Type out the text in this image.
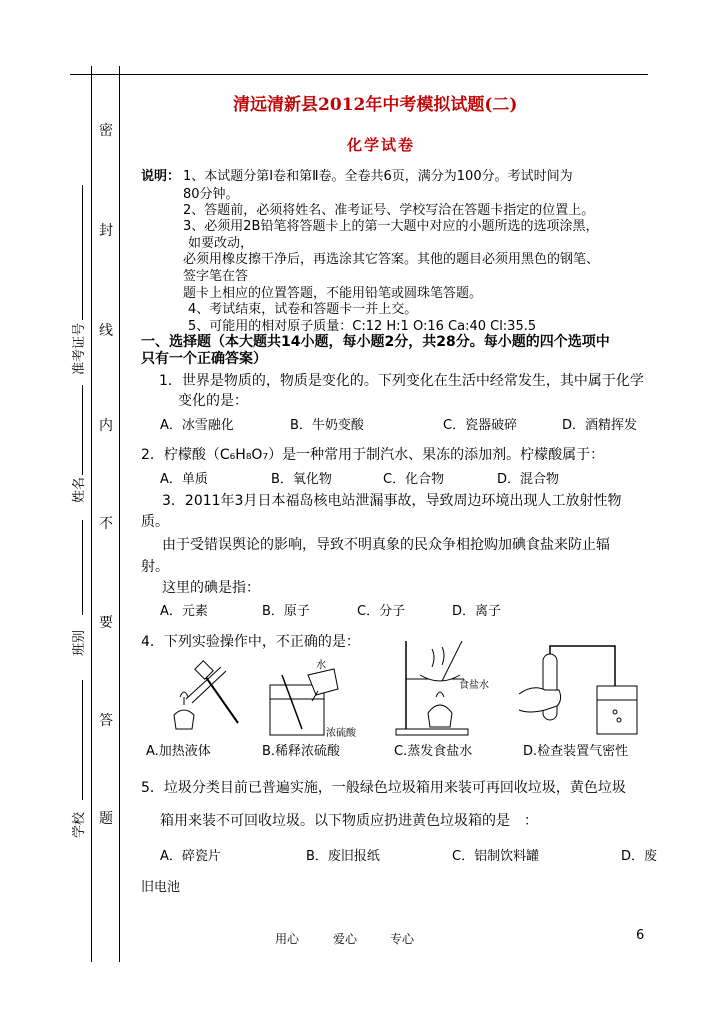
密
封
线
内
不
要
答
题
准考证号
姓名
班别
学校
清远清新县2012年中考模拟试题(二)
化学试卷
说明： 1、本试题分第Ⅰ卷和第Ⅱ卷。全卷共6页，满分为100分。考试时间为
80分钟。
2、答题前，必须将姓名、准考证号、学校写洽在答题卡指定的位置上。
3、必须用2B铅笔将答题卡上的第一大题中对应的小题所选的选项涂黑，
如要改动，
必须用橡皮擦干净后，再选涂其它答案。其他的题目必须用黑色的钢笔、
签字笔在答
题卡上相应的位置答题，不能用铅笔或圆珠笔答题。
4、考试结束，试卷和答题卡一并上交。
5、可能用的相对原子质量：C:12 H:1 O:16 Ca:40 Cl:35.5
一、选择题（本大题共14小题，每小题2分，共28分。每小题的四个选项中
只有一个正确答案）
1．世界是物质的，物质是变化的。下列变化在生活中经常发生，其中属于化学
变化的是：
A．冰雪融化	B．牛奶变酸	C．瓷器破碎	D．酒精挥发
2．柠檬酸（C₆H₈O₇）是一种常用于制汽水、果冻的添加剂。柠檬酸属于：
A．单质	B．氧化物	C．化合物	D．混合物
3．2011年3月日本福岛核电站泄漏事故，导致周边环境出现人工放射性物
质。
由于受错误舆论的影响，导致不明真象的民众争相抢购加碘食盐来防止辐
射。
这里的碘是指：
A．元素	B．原子	C．分子	D．离子
4．下列实验操作中，不正确的是：
水
浓硫酸
食盐水
A.加热液体	B.稀释浓硫酸	C.蒸发食盐水	D.检查装置气密性
5．垃圾分类目前已普遍实施，一般绿色垃圾箱用来装可再回收垃圾，黄色垃圾
箱用来装不可回收垃圾。以下物质应扔进黄色垃圾箱的是　：
A．碎瓷片	B．废旧报纸	C．铝制饮料罐	D．废
旧电池
用心	爱心	专心	6
